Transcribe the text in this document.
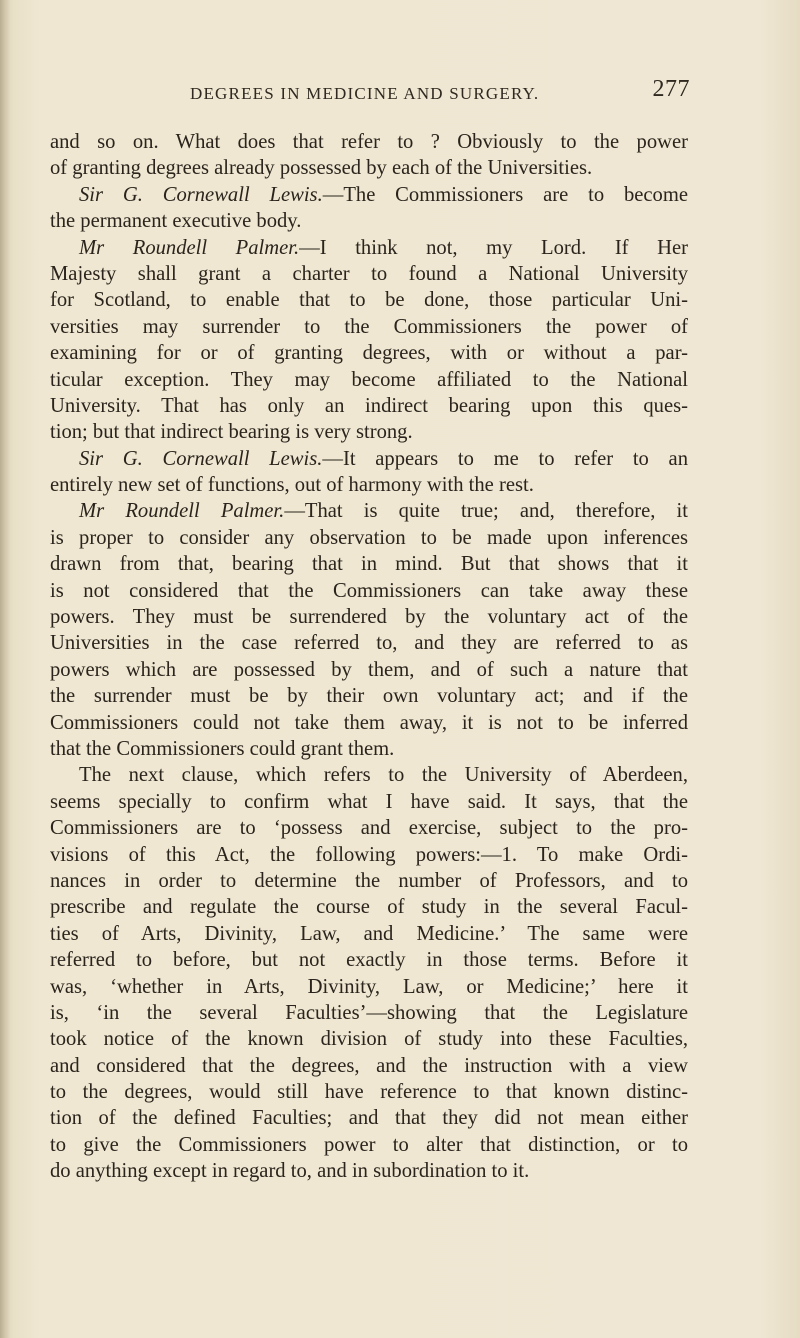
DEGREES IN MEDICINE AND SURGERY.	277
and so on. What does that refer to ? Obviously to the power
of granting degrees already possessed by each of the Universities.
Sir G. Cornewall Lewis.—The Commissioners are to become
the permanent executive body.
Mr Roundell Palmer.—I think not, my Lord. If Her
Majesty shall grant a charter to found a National University
for Scotland, to enable that to be done, those particular Uni-
versities may surrender to the Commissioners the power of
examining for or of granting degrees, with or without a par-
ticular exception. They may become affiliated to the National
University. That has only an indirect bearing upon this ques-
tion; but that indirect bearing is very strong.
Sir G. Cornewall Lewis.—It appears to me to refer to an
entirely new set of functions, out of harmony with the rest.
Mr Roundell Palmer.—That is quite true; and, therefore, it
is proper to consider any observation to be made upon inferences
drawn from that, bearing that in mind. But that shows that it
is not considered that the Commissioners can take away these
powers. They must be surrendered by the voluntary act of the
Universities in the case referred to, and they are referred to as
powers which are possessed by them, and of such a nature that
the surrender must be by their own voluntary act; and if the
Commissioners could not take them away, it is not to be inferred
that the Commissioners could grant them.
The next clause, which refers to the University of Aberdeen,
seems specially to confirm what I have said. It says, that the
Commissioners are to ‘possess and exercise, subject to the pro-
visions of this Act, the following powers:—1. To make Ordi-
nances in order to determine the number of Professors, and to
prescribe and regulate the course of study in the several Facul-
ties of Arts, Divinity, Law, and Medicine.’ The same were
referred to before, but not exactly in those terms. Before it
was, ‘whether in Arts, Divinity, Law, or Medicine;’ here it
is, ‘in the several Faculties’—showing that the Legislature
took notice of the known division of study into these Faculties,
and considered that the degrees, and the instruction with a view
to the degrees, would still have reference to that known distinc-
tion of the defined Faculties; and that they did not mean either
to give the Commissioners power to alter that distinction, or to
do anything except in regard to, and in subordination to it.
